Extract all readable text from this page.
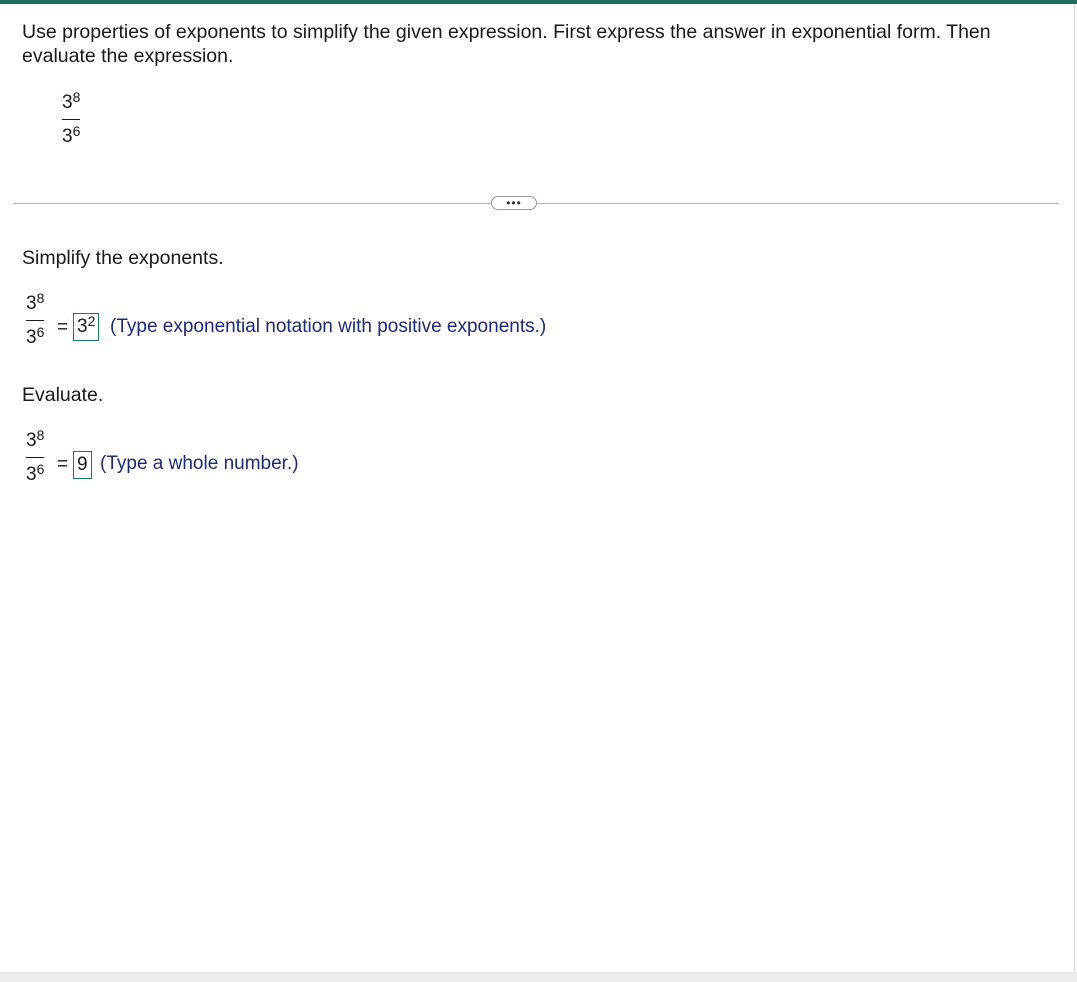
Use properties of exponents to simplify the given expression. First express the answer in exponential form. Then evaluate the expression.

$3^8$
$3^6$
•••

Simplify the exponents.

$3^8$
$3^6 = 3^2$ (Type exponential notation with positive exponents.)

Evaluate.

$3^8$
$3^6 = 9$ (Type a whole number.)
